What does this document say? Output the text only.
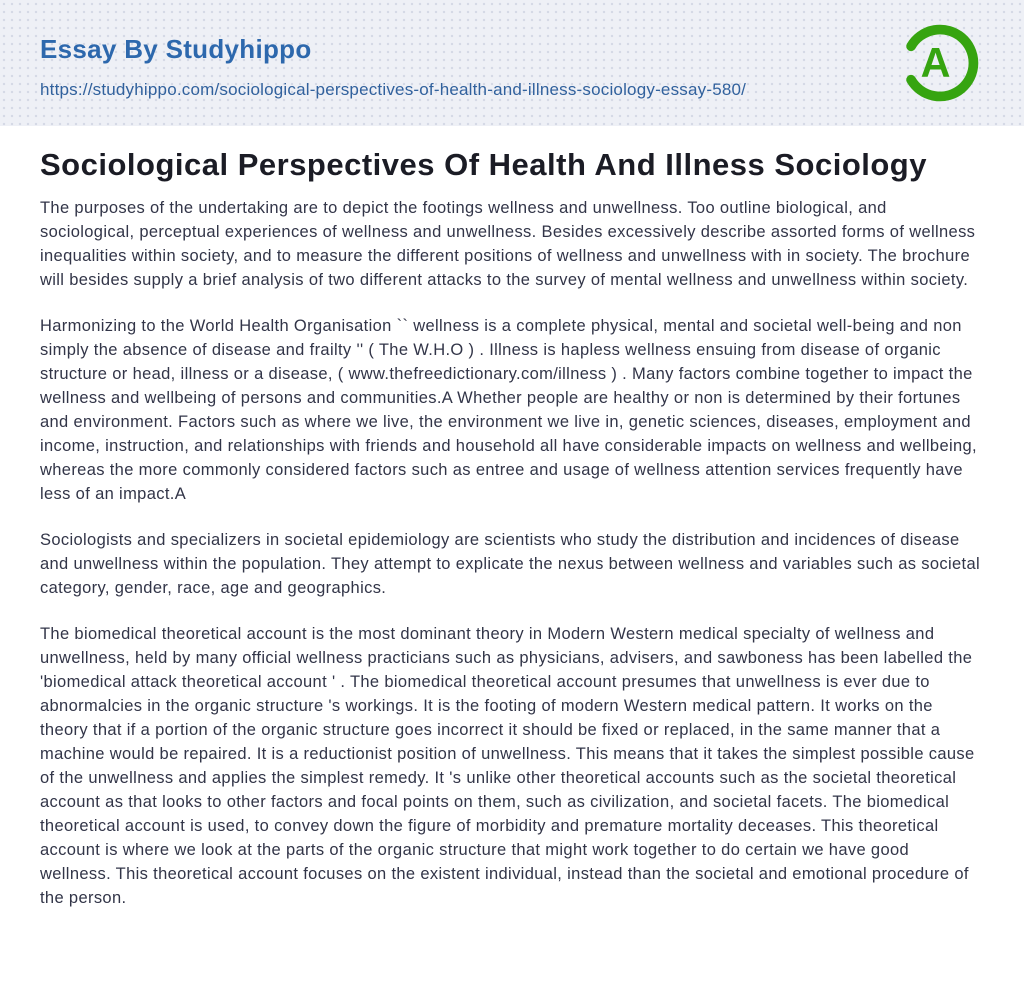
Essay By Studyhippo
https://studyhippo.com/sociological-perspectives-of-health-and-illness-sociology-essay-580/
A
Sociological Perspectives Of Health And Illness Sociology

The purposes of the undertaking are to depict the footings wellness and unwellness. Too outline biological, and sociological, perceptual experiences of wellness and unwellness. Besides excessively describe assorted forms of wellness inequalities within society, and to measure the different positions of wellness and unwellness with in society. The brochure will besides supply a brief analysis of two different attacks to the survey of mental wellness and unwellness within society.

Harmonizing to the World Health Organisation `` wellness is a complete physical, mental and societal well-being and non simply the absence of disease and frailty '' ( The W.H.O ) . Illness is hapless wellness ensuing from disease of organic structure or head, illness or a disease, ( www.thefreedictionary.com/illness ) . Many factors combine together to impact the wellness and wellbeing of persons and communities.A Whether people are healthy or non is determined by their fortunes and environment. Factors such as where we live, the environment we live in, genetic sciences, diseases, employment and income, instruction, and relationships with friends and household all have considerable impacts on wellness and wellbeing, whereas the more commonly considered factors such as entree and usage of wellness attention services frequently have less of an impact.A

Sociologists and specializers in societal epidemiology are scientists who study the distribution and incidences of disease and unwellness within the population. They attempt to explicate the nexus between wellness and variables such as societal category, gender, race, age and geographics.

The biomedical theoretical account is the most dominant theory in Modern Western medical specialty of wellness and unwellness, held by many official wellness practicians such as physicians, advisers, and sawboness has been labelled the 'biomedical attack theoretical account ' . The biomedical theoretical account presumes that unwellness is ever due to abnormalcies in the organic structure 's workings. It is the footing of modern Western medical pattern. It works on the theory that if a portion of the organic structure goes incorrect it should be fixed or replaced, in the same manner that a machine would be repaired. It is a reductionist position of unwellness. This means that it takes the simplest possible cause of the unwellness and applies the simplest remedy. It 's unlike other theoretical accounts such as the societal theoretical account as that looks to other factors and focal points on them, such as civilization, and societal facets. The biomedical theoretical account is used, to convey down the figure of morbidity and premature mortality deceases. This theoretical account is where we look at the parts of the organic structure that might work together to do certain we have good wellness. This theoretical account focuses on the existent individual, instead than the societal and emotional procedure of the person.
